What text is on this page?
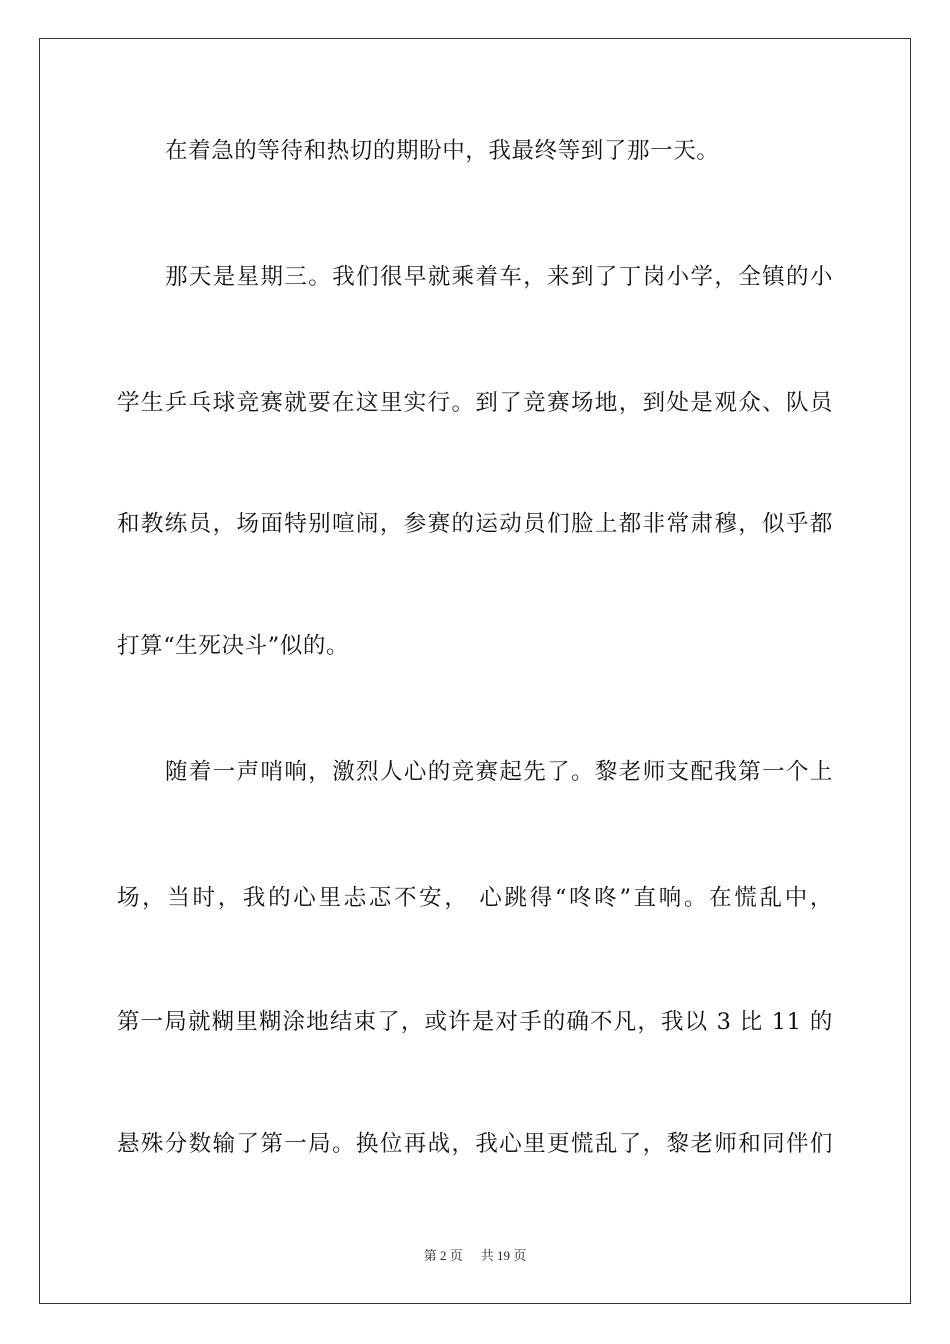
在着急的等待和热切的期盼中，我最终等到了那一天。
那天是星期三。我们很早就乘着车，来到了丁岗小学，全镇的小
学生乒乓球竞赛就要在这里实行。到了竞赛场地，到处是观众、队员
和教练员，场面特别喧闹，参赛的运动员们脸上都非常肃穆，似乎都
打算“生死决斗”似的。
随着一声哨响，激烈人心的竞赛起先了。黎老师支配我第一个上
场，当时，我的心里忐忑不安， 心跳得“咚咚”直响。在慌乱中，
第一局就糊里糊涂地结束了，或许是对手的确不凡，我以 3 比 11 的
悬殊分数输了第一局。换位再战，我心里更慌乱了，黎老师和同伴们
第 2 页 共 19 页
